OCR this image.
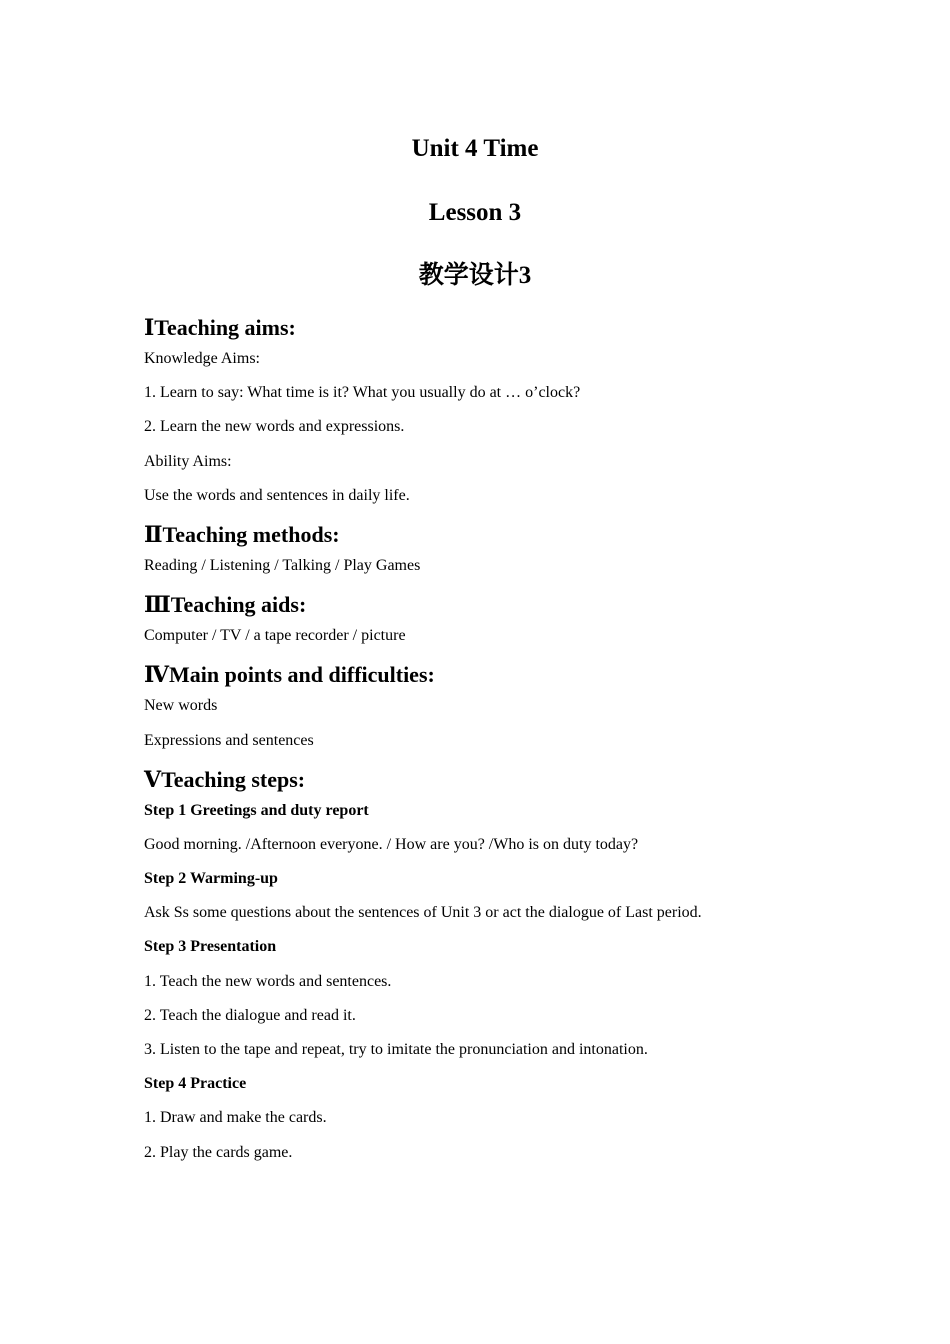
Unit 4 Time
Lesson 3
教学设计3

ⅠTeaching aims:

Knowledge Aims:

1. Learn to say: What time is it? What you usually do at … o’clock?

2. Learn the new words and expressions.

Ability Aims:

Use the words and sentences in daily life.

ⅡTeaching methods:

Reading / Listening / Talking / Play Games

ⅢTeaching aids:

Computer / TV / a tape recorder / picture

ⅣMain points and difficulties:

New words

Expressions and sentences

ⅤTeaching steps:

Step 1 Greetings and duty report

Good morning. /Afternoon everyone. / How are you? /Who is on duty today?

Step 2 Warming-up

Ask Ss some questions about the sentences of Unit 3 or act the dialogue of Last period.

Step 3 Presentation

1. Teach the new words and sentences.

2. Teach the dialogue and read it.

3. Listen to the tape and repeat, try to imitate the pronunciation and intonation.

Step 4 Practice

1. Draw and make the cards.

2. Play the cards game.
